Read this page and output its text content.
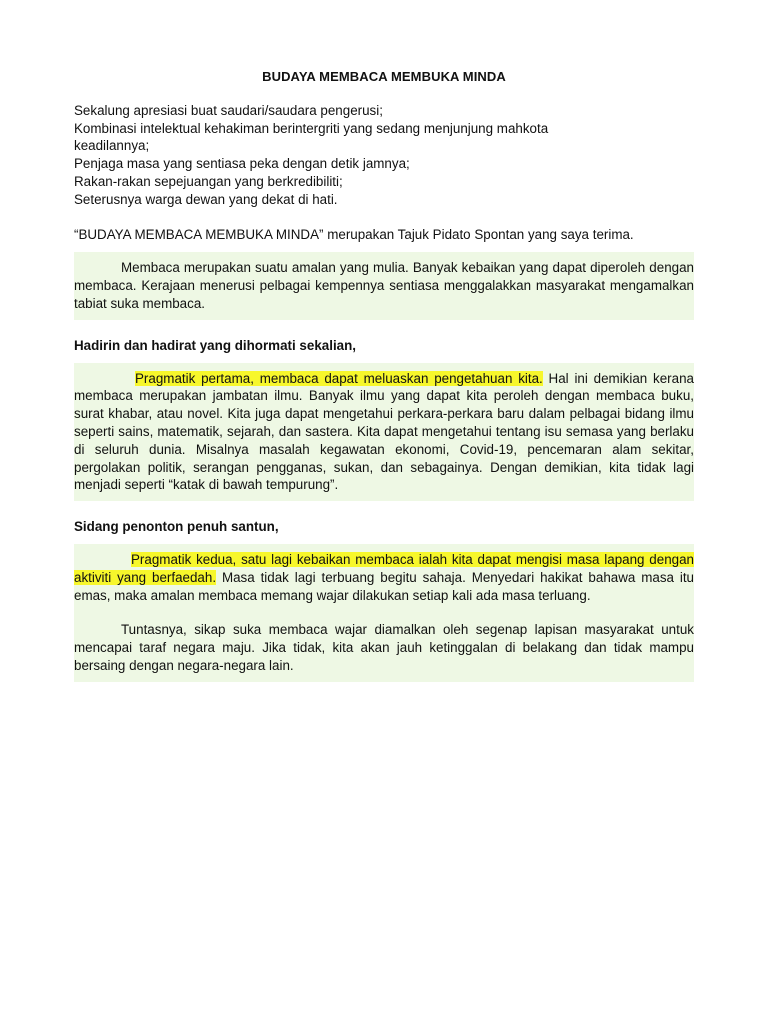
BUDAYA MEMBACA MEMBUKA MINDA

Sekalung apresiasi buat saudari/saudara pengerusi;

Kombinasi intelektual kehakiman berintergriti yang sedang menjunjung mahkota

keadilannya;

Penjaga masa yang sentiasa peka dengan detik jamnya;

Rakan-rakan sepejuangan yang berkredibiliti;

Seterusnya warga dewan yang dekat di hati.

“BUDAYA MEMBACA MEMBUKA MINDA” merupakan Tajuk Pidato Spontan yang saya terima.

Membaca merupakan suatu amalan yang mulia. Banyak kebaikan yang dapat diperoleh dengan membaca. Kerajaan menerusi pelbagai kempennya sentiasa menggalakkan masyarakat mengamalkan tabiat suka membaca.

Hadirin dan hadirat yang dihormati sekalian,

Pragmatik pertama, membaca dapat meluaskan pengetahuan kita. Hal ini demikian kerana membaca merupakan jambatan ilmu. Banyak ilmu yang dapat kita peroleh dengan membaca buku, surat khabar, atau novel. Kita juga dapat mengetahui perkara-perkara baru dalam pelbagai bidang ilmu seperti sains, matematik, sejarah, dan sastera. Kita dapat mengetahui tentang isu semasa yang berlaku di seluruh dunia. Misalnya masalah kegawatan ekonomi, Covid-19, pencemaran alam sekitar, pergolakan politik, serangan pengganas, sukan, dan sebagainya. Dengan demikian, kita tidak lagi menjadi seperti “katak di bawah tempurung”.

Sidang penonton penuh santun,

Pragmatik kedua, satu lagi kebaikan membaca ialah kita dapat mengisi masa lapang dengan aktiviti yang berfaedah. Masa tidak lagi terbuang begitu sahaja. Menyedari hakikat bahawa masa itu emas, maka amalan membaca memang wajar dilakukan setiap kali ada masa terluang.

Tuntasnya, sikap suka membaca wajar diamalkan oleh segenap lapisan masyarakat untuk mencapai taraf negara maju. Jika tidak, kita akan jauh ketinggalan di belakang dan tidak mampu bersaing dengan negara-negara lain.
